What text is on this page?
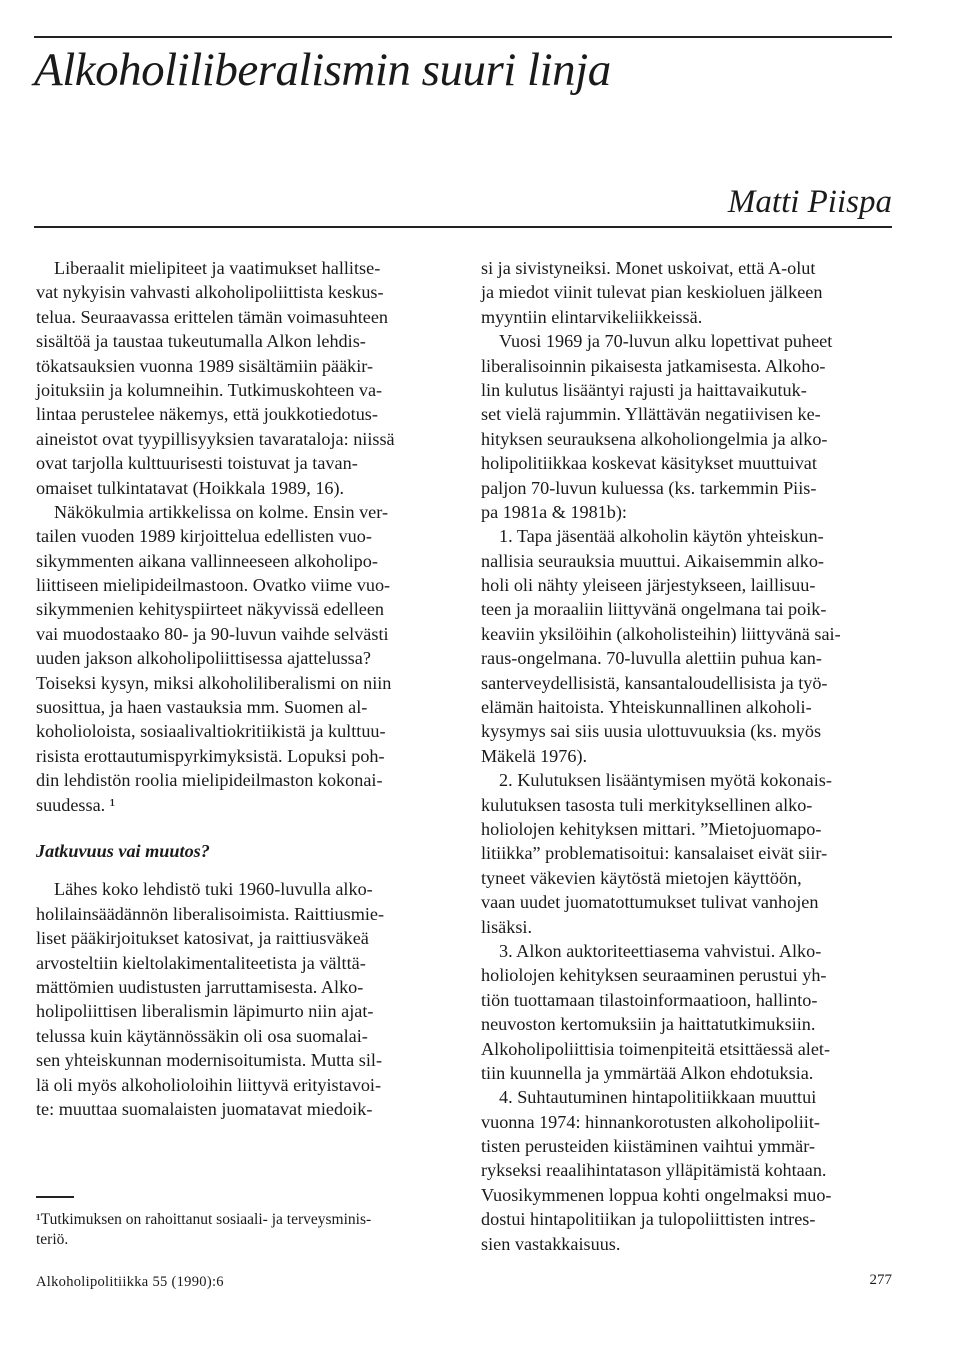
Alkoholiliberalismin suuri linja
Matti Piispa
Liberaalit mielipiteet ja vaatimukset hallitse-
vat nykyisin vahvasti alkoholipoliittista keskus-
telua. Seuraavassa erittelen tämän voimasuhteen
sisältöä ja taustaa tukeutumalla Alkon lehdis-
tökatsauksien vuonna 1989 sisältämiin pääkir-
joituksiin ja kolumneihin. Tutkimuskohteen va-
lintaa perustelee näkemys, että joukkotiedotus-
aineistot ovat tyypillisyyksien tavarataloja: niissä
ovat tarjolla kulttuurisesti toistuvat ja tavan-
omaiset tulkintatavat (Hoikkala 1989, 16).
Näkökulmia artikkelissa on kolme. Ensin ver-
tailen vuoden 1989 kirjoittelua edellisten vuo-
sikymmenten aikana vallinneeseen alkoholipo-
liittiseen mielipideilmastoon. Ovatko viime vuo-
sikymmenien kehityspiirteet näkyvissä edelleen
vai muodostaako 80- ja 90-luvun vaihde selvästi
uuden jakson alkoholipoliittisessa ajattelussa?
Toiseksi kysyn, miksi alkoholiliberalismi on niin
suosittua, ja haen vastauksia mm. Suomen al-
koholioloista, sosiaalivaltiokritiikistä ja kulttuu-
risista erottautumispyrkimyksistä. Lopuksi poh-
din lehdistön roolia mielipideilmaston kokonai-
suudessa. ¹
Jatkuvuus vai muutos?
Lähes koko lehdistö tuki 1960-luvulla alko-
holilainsäädännön liberalisoimista. Raittiusmie-
liset pääkirjoitukset katosivat, ja raittiusväkeä
arvosteltiin kieltolakimentaliteetista ja välttä-
mättömien uudistusten jarruttamisesta. Alko-
holipoliittisen liberalismin läpimurto niin ajat-
telussa kuin käytännössäkin oli osa suomalai-
sen yhteiskunnan modernisoitumista. Mutta sil-
lä oli myös alkoholioloihin liittyvä erityistavoi-
te: muuttaa suomalaisten juomatavat miedoik-
si ja sivistyneiksi. Monet uskoivat, että A-olut
ja miedot viinit tulevat pian keskioluen jälkeen
myyntiin elintarvikeliikkeissä.
Vuosi 1969 ja 70-luvun alku lopettivat puheet
liberalisoinnin pikaisesta jatkamisesta. Alkoho-
lin kulutus lisääntyi rajusti ja haittavaikutuk-
set vielä rajummin. Yllättävän negatiivisen ke-
hityksen seurauksena alkoholiongelmia ja alko-
holipolitiikkaa koskevat käsitykset muuttuivat
paljon 70-luvun kuluessa (ks. tarkemmin Piis-
pa 1981a & 1981b):
1. Tapa jäsentää alkoholin käytön yhteiskun-
nallisia seurauksia muuttui. Aikaisemmin alko-
holi oli nähty yleiseen järjestykseen, laillisuu-
teen ja moraaliin liittyvänä ongelmana tai poik-
keaviin yksilöihin (alkoholisteihin) liittyvänä sai-
raus-ongelmana. 70-luvulla alettiin puhua kan-
santerveydellisistä, kansantaloudellisista ja työ-
elämän haitoista. Yhteiskunnallinen alkoholi-
kysymys sai siis uusia ulottuvuuksia (ks. myös
Mäkelä 1976).
2. Kulutuksen lisääntymisen myötä kokonais-
kulutuksen tasosta tuli merkityksellinen alko-
holiolojen kehityksen mittari. ”Mietojuomapo-
litiikka” problematisoitui: kansalaiset eivät siir-
tyneet väkevien käytöstä mietojen käyttöön,
vaan uudet juomatottumukset tulivat vanhojen
lisäksi.
3. Alkon auktoriteettiasema vahvistui. Alko-
holiolojen kehityksen seuraaminen perustui yh-
tiön tuottamaan tilastoinformaatioon, hallinto-
neuvoston kertomuksiin ja haittatutkimuksiin.
Alkoholipoliittisia toimenpiteitä etsittäessä alet-
tiin kuunnella ja ymmärtää Alkon ehdotuksia.
4. Suhtautuminen hintapolitiikkaan muuttui
vuonna 1974: hinnankorotusten alkoholipoliit-
tisten perusteiden kiistäminen vaihtui ymmär-
rykseksi reaalihintatason ylläpitämistä kohtaan.
Vuosikymmenen loppua kohti ongelmaksi muo-
dostui hintapolitiikan ja tulopoliittisten intres-
sien vastakkaisuus.
¹Tutkimuksen on rahoittanut sosiaali- ja terveysminis-
teriö.
Alkoholipolitiikka 55 (1990):6	277
